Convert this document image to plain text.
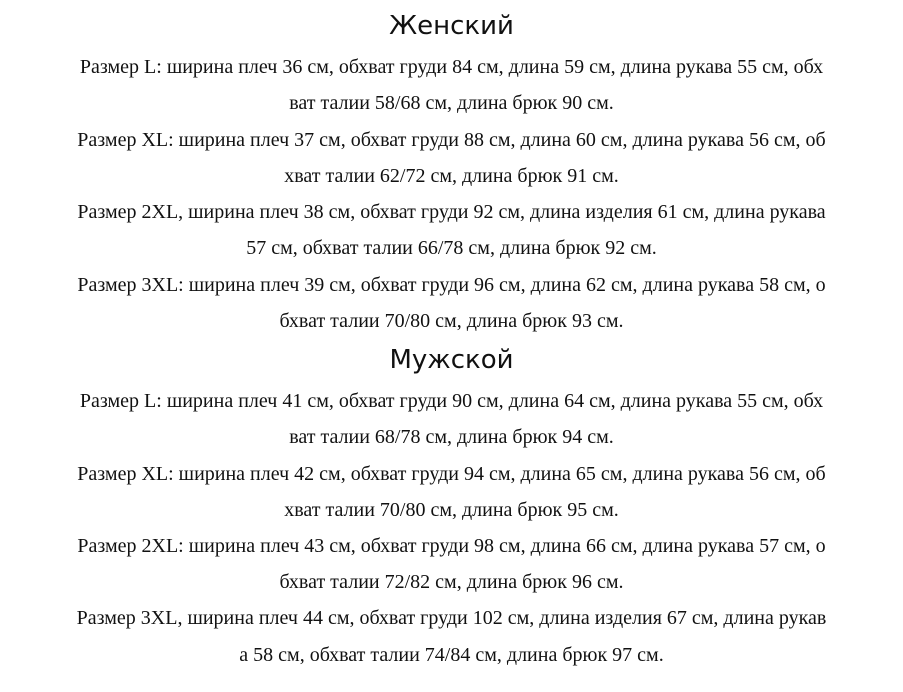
Женский
Размер L: ширина плеч 36 см, обхват груди 84 см, длина 59 см, длина рукава 55 см, обх
ват талии 58/68 см, длина брюк 90 см.
Размер XL: ширина плеч 37 см, обхват груди 88 см, длина 60 см, длина рукава 56 см, об
хват талии 62/72 см, длина брюк 91 см.
Размер 2XL, ширина плеч 38 см, обхват груди 92 см, длина изделия 61 см, длина рукава
57 см, обхват талии 66/78 см, длина брюк 92 см.
Размер 3XL: ширина плеч 39 см, обхват груди 96 см, длина 62 см, длина рукава 58 см, о
бхват талии 70/80 см, длина брюк 93 см.
Мужской
Размер L: ширина плеч 41 см, обхват груди 90 см, длина 64 см, длина рукава 55 см, обх
ват талии 68/78 см, длина брюк 94 см.
Размер XL: ширина плеч 42 см, обхват груди 94 см, длина 65 см, длина рукава 56 см, об
хват талии 70/80 см, длина брюк 95 см.
Размер 2XL: ширина плеч 43 см, обхват груди 98 см, длина 66 см, длина рукава 57 см, о
бхват талии 72/82 см, длина брюк 96 см.
Размер 3XL, ширина плеч 44 см, обхват груди 102 см, длина изделия 67 см, длина рукав
а 58 см, обхват талии 74/84 см, длина брюк 97 см.
